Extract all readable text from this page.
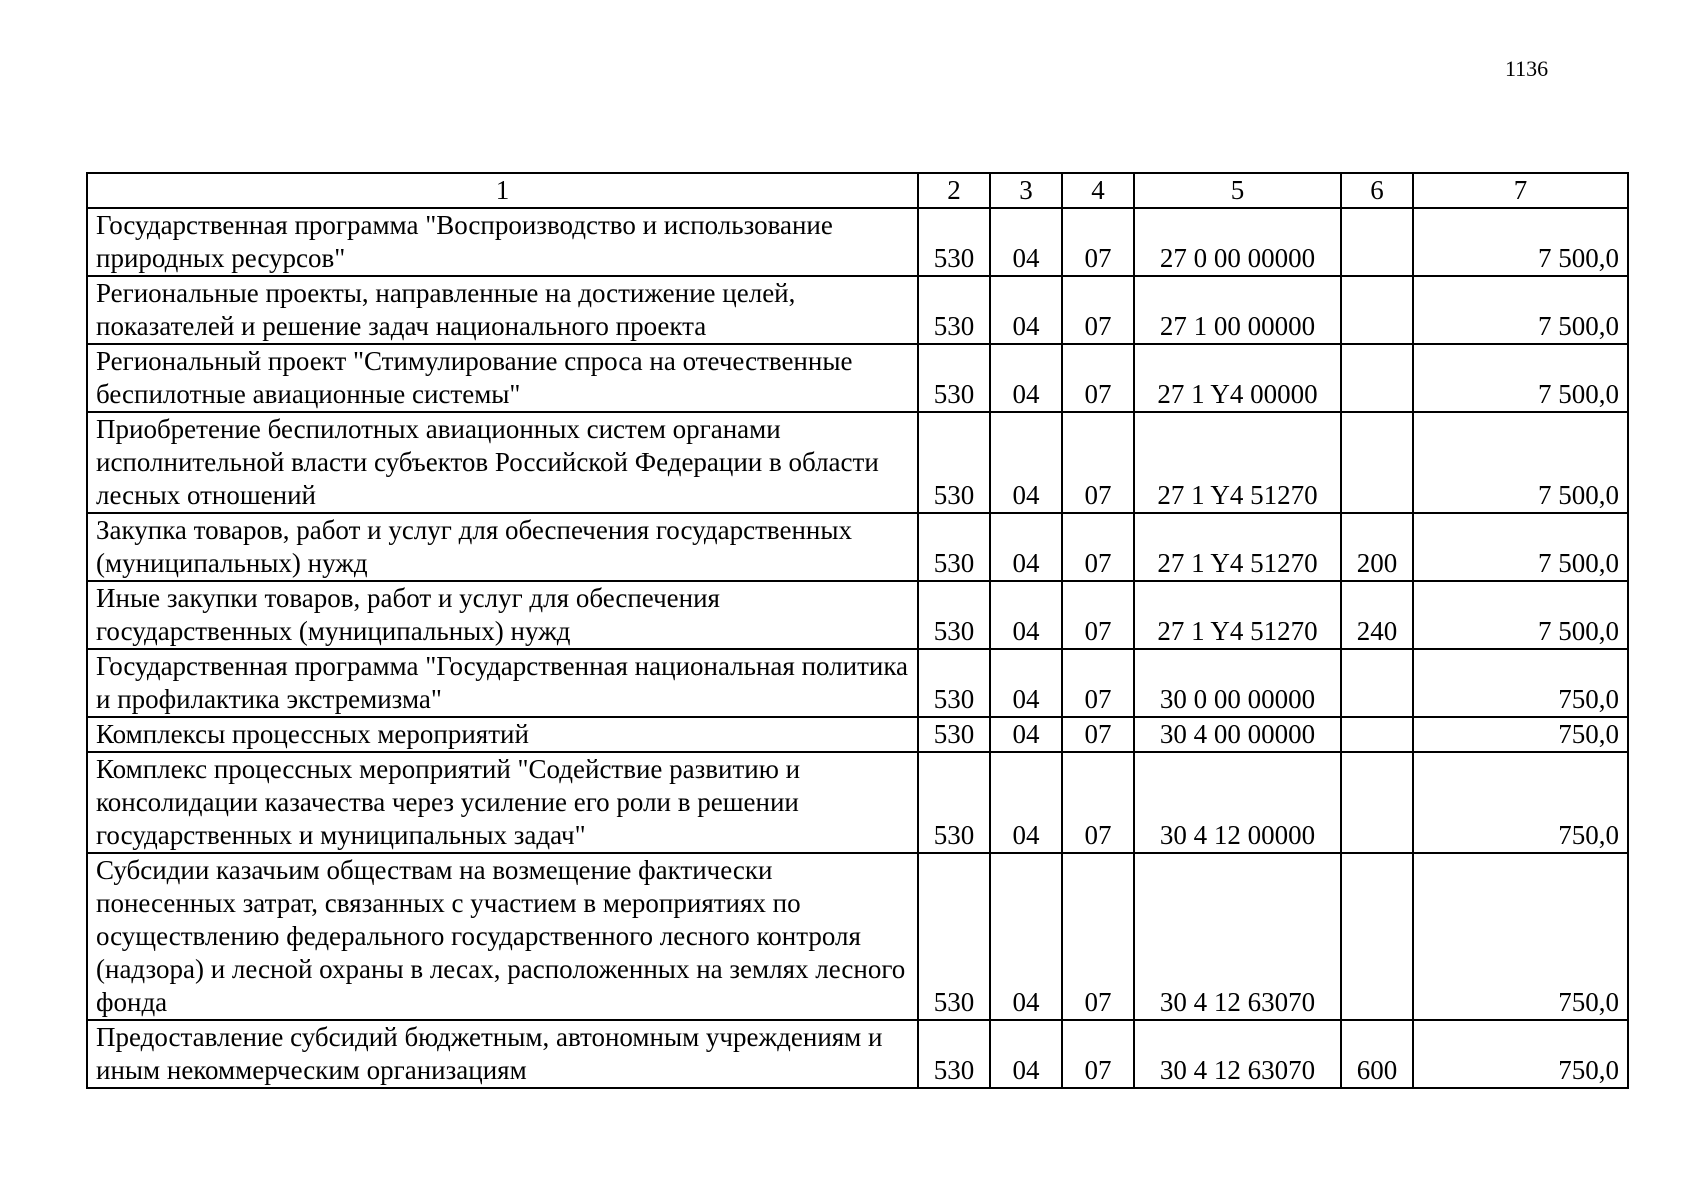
1136
1	2	3	4	5	6	7
Государственная программа "Воспроизводство и использование природных ресурсов"	530	04	07	27 0 00 00000		7 500,0
Региональные проекты, направленные на достижение целей, показателей и решение задач национального проекта	530	04	07	27 1 00 00000		7 500,0
Региональный проект "Стимулирование спроса на отечественные беспилотные авиационные системы"	530	04	07	27 1 Y4 00000		7 500,0
Приобретение беспилотных авиационных систем органами исполнительной власти субъектов Российской Федерации в области лесных отношений	530	04	07	27 1 Y4 51270		7 500,0
Закупка товаров, работ и услуг для обеспечения государственных (муниципальных) нужд	530	04	07	27 1 Y4 51270	200	7 500,0
Иные закупки товаров, работ и услуг для обеспечения государственных (муниципальных) нужд	530	04	07	27 1 Y4 51270	240	7 500,0
Государственная программа "Государственная национальная политика и профилактика экстремизма"	530	04	07	30 0 00 00000		750,0
Комплексы процессных мероприятий	530	04	07	30 4 00 00000		750,0
Комплекс процессных мероприятий "Содействие развитию и консолидации казачества через усиление его роли в решении государственных и муниципальных задач"	530	04	07	30 4 12 00000		750,0
Субсидии казачьим обществам на возмещение фактически понесенных затрат, связанных с участием в мероприятиях по осуществлению федерального государственного лесного контроля (надзора) и лесной охраны в лесах, расположенных на землях лесного фонда	530	04	07	30 4 12 63070		750,0
Предоставление субсидий бюджетным, автономным учреждениям и иным некоммерческим организациям	530	04	07	30 4 12 63070	600	750,0
